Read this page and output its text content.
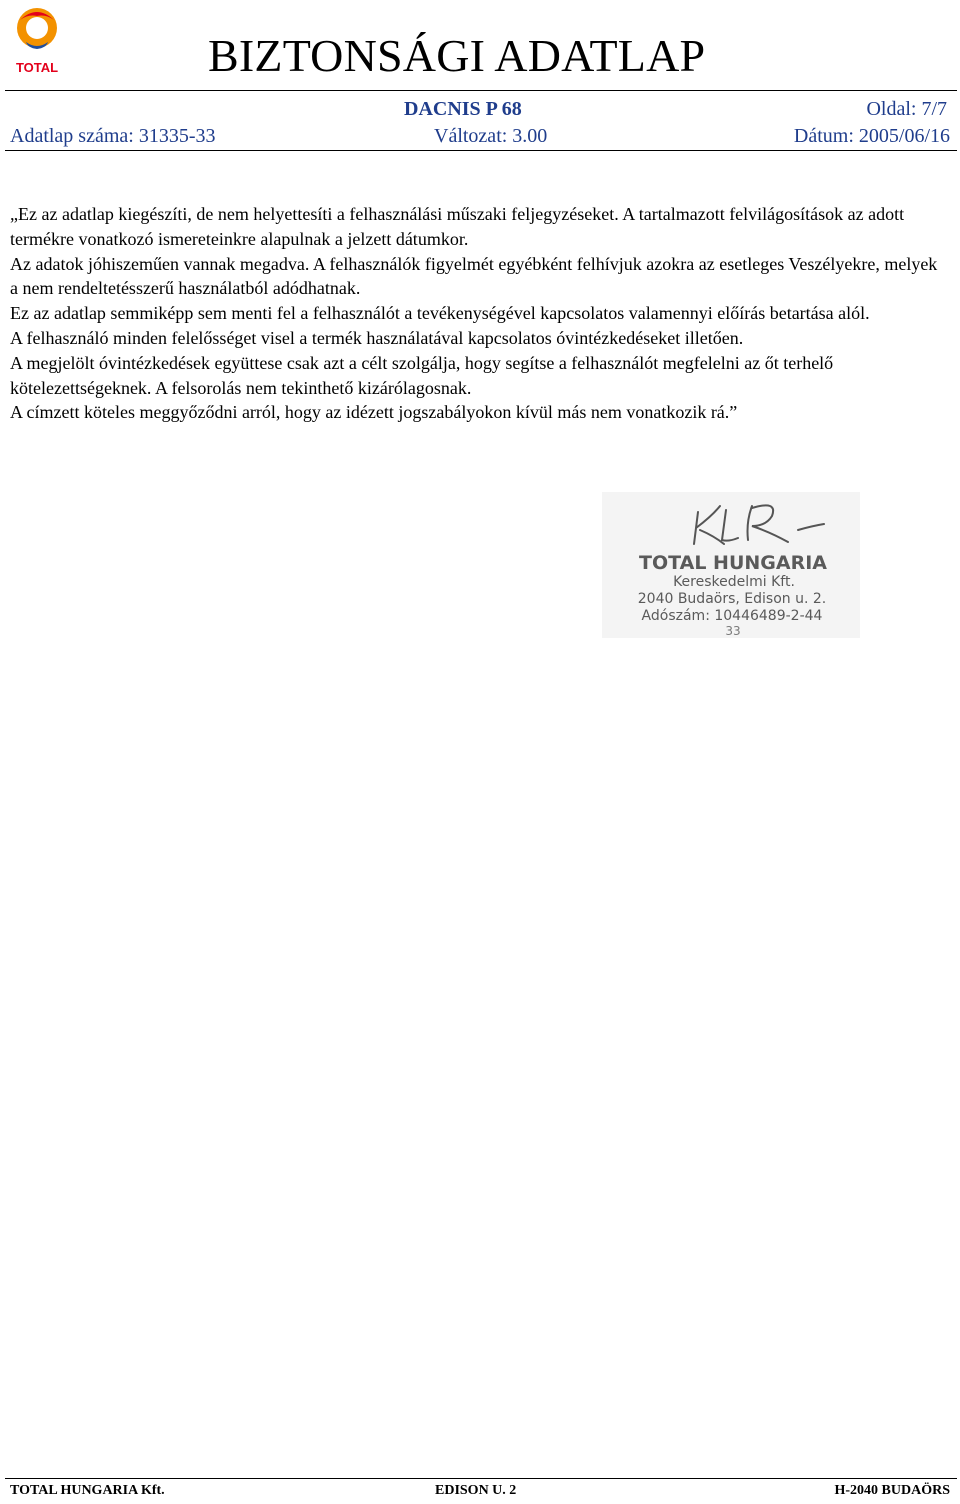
TOTAL	BIZTONSÁGI ADATLAP
DACNIS P 68	Oldal: 7/7
Adatlap száma: 31335-33	Változat: 3.00	Dátum: 2005/06/16

„Ez az adatlap kiegészíti, de nem helyettesíti a felhasználási műszaki feljegyzéseket. A tartalmazott felvilágosítások az adott termékre vonatkozó ismereteinkre alapulnak a jelzett dátumkor.

Az adatok jóhiszeműen vannak megadva. A felhasználók figyelmét egyébként felhívjuk azokra az esetleges Veszélyekre, melyek a nem rendeltetésszerű használatból adódhatnak.

Ez az adatlap semmiképp sem menti fel a felhasználót a tevékenységével kapcsolatos valamennyi előírás betartása alól.

A felhasználó minden felelősséget visel a termék használatával kapcsolatos óvintézkedéseket illetően.

A megjelölt óvintézkedések együttese csak azt a célt szolgálja, hogy segítse a felhasználót megfelelni az őt terhelő kötelezettségeknek. A felsorolás nem tekinthető kizárólagosnak.

A címzett köteles meggyőződni arról, hogy az idézett jogszabályokon kívül más nem vonatkozik rá.”

TOTAL HUNGARIA
Kereskedelmi Kft.
2040 Budaörs, Edison u. 2.
Adószám: 10446489-2-44
33
TOTAL HUNGARIA Kft.	EDISON U. 2	H-2040 BUDAÖRS
